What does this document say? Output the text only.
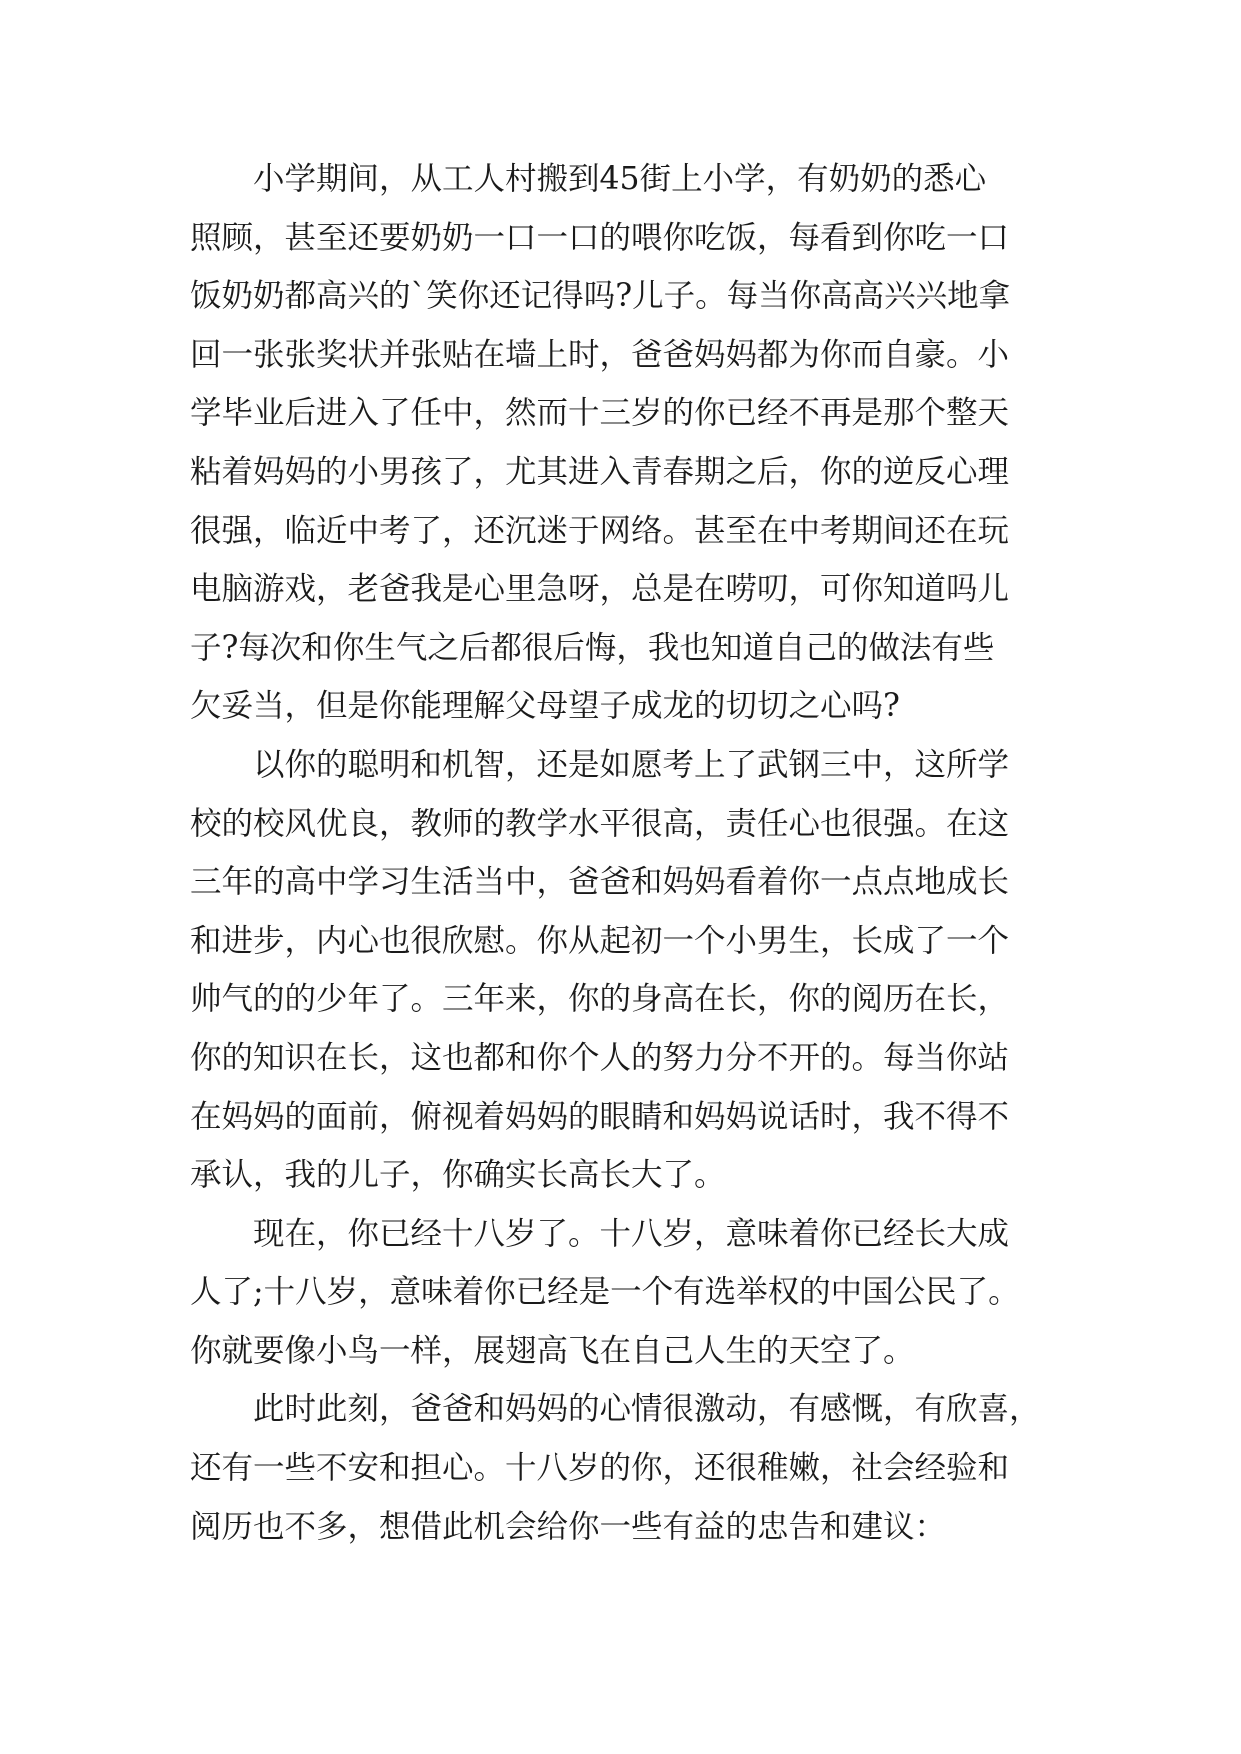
小学期间，从工人村搬到45街上小学，有奶奶的悉心
照顾，甚至还要奶奶一口一口的喂你吃饭，每看到你吃一口
饭奶奶都高兴的`笑你还记得吗?儿子。每当你高高兴兴地拿
回一张张奖状并张贴在墙上时，爸爸妈妈都为你而自豪。小
学毕业后进入了任中，然而十三岁的你已经不再是那个整天
粘着妈妈的小男孩了，尤其进入青春期之后，你的逆反心理
很强，临近中考了，还沉迷于网络。甚至在中考期间还在玩
电脑游戏，老爸我是心里急呀，总是在唠叨，可你知道吗儿
子?每次和你生气之后都很后悔，我也知道自己的做法有些
欠妥当，但是你能理解父母望子成龙的切切之心吗?
以你的聪明和机智，还是如愿考上了武钢三中，这所学
校的校风优良，教师的教学水平很高，责任心也很强。在这
三年的高中学习生活当中，爸爸和妈妈看着你一点点地成长
和进步，内心也很欣慰。你从起初一个小男生，长成了一个
帅气的的少年了。三年来，你的身高在长，你的阅历在长，
你的知识在长，这也都和你个人的努力分不开的。每当你站
在妈妈的面前，俯视着妈妈的眼睛和妈妈说话时，我不得不
承认，我的儿子，你确实长高长大了。
现在，你已经十八岁了。十八岁，意味着你已经长大成
人了;十八岁，意味着你已经是一个有选举权的中国公民了。
你就要像小鸟一样，展翅高飞在自己人生的天空了。
此时此刻，爸爸和妈妈的心情很激动，有感慨，有欣喜，
还有一些不安和担心。十八岁的你，还很稚嫩，社会经验和
阅历也不多，想借此机会给你一些有益的忠告和建议：
